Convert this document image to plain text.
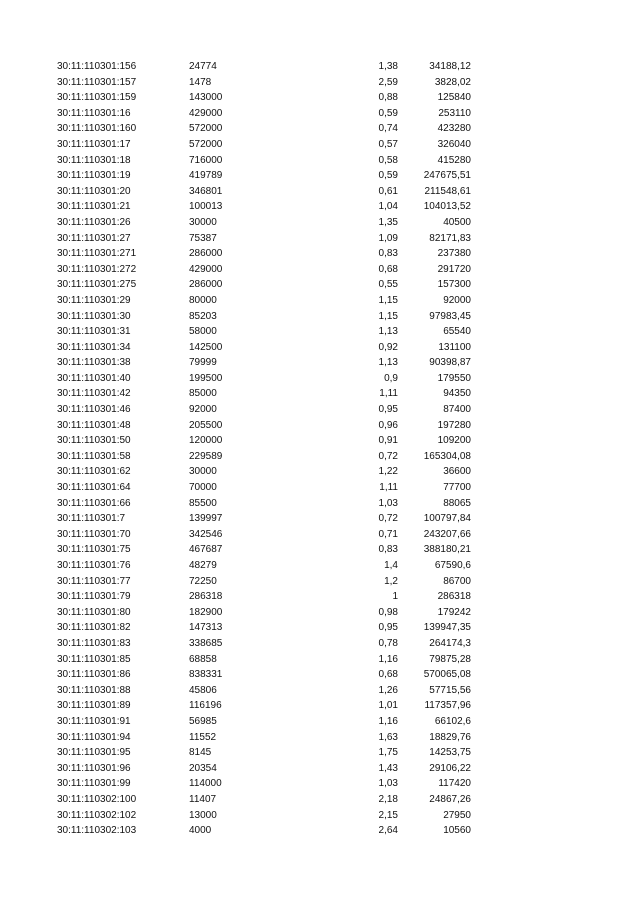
30:11:110301:156	24774	1,38	34188,12
30:11:110301:157	1478	2,59	3828,02
30:11:110301:159	143000	0,88	125840
30:11:110301:16	429000	0,59	253110
30:11:110301:160	572000	0,74	423280
30:11:110301:17	572000	0,57	326040
30:11:110301:18	716000	0,58	415280
30:11:110301:19	419789	0,59	247675,51
30:11:110301:20	346801	0,61	211548,61
30:11:110301:21	100013	1,04	104013,52
30:11:110301:26	30000	1,35	40500
30:11:110301:27	75387	1,09	82171,83
30:11:110301:271	286000	0,83	237380
30:11:110301:272	429000	0,68	291720
30:11:110301:275	286000	0,55	157300
30:11:110301:29	80000	1,15	92000
30:11:110301:30	85203	1,15	97983,45
30:11:110301:31	58000	1,13	65540
30:11:110301:34	142500	0,92	131100
30:11:110301:38	79999	1,13	90398,87
30:11:110301:40	199500	0,9	179550
30:11:110301:42	85000	1,11	94350
30:11:110301:46	92000	0,95	87400
30:11:110301:48	205500	0,96	197280
30:11:110301:50	120000	0,91	109200
30:11:110301:58	229589	0,72	165304,08
30:11:110301:62	30000	1,22	36600
30:11:110301:64	70000	1,11	77700
30:11:110301:66	85500	1,03	88065
30:11:110301:7	139997	0,72	100797,84
30:11:110301:70	342546	0,71	243207,66
30:11:110301:75	467687	0,83	388180,21
30:11:110301:76	48279	1,4	67590,6
30:11:110301:77	72250	1,2	86700
30:11:110301:79	286318	1	286318
30:11:110301:80	182900	0,98	179242
30:11:110301:82	147313	0,95	139947,35
30:11:110301:83	338685	0,78	264174,3
30:11:110301:85	68858	1,16	79875,28
30:11:110301:86	838331	0,68	570065,08
30:11:110301:88	45806	1,26	57715,56
30:11:110301:89	116196	1,01	117357,96
30:11:110301:91	56985	1,16	66102,6
30:11:110301:94	11552	1,63	18829,76
30:11:110301:95	8145	1,75	14253,75
30:11:110301:96	20354	1,43	29106,22
30:11:110301:99	114000	1,03	117420
30:11:110302:100	11407	2,18	24867,26
30:11:110302:102	13000	2,15	27950
30:11:110302:103	4000	2,64	10560
